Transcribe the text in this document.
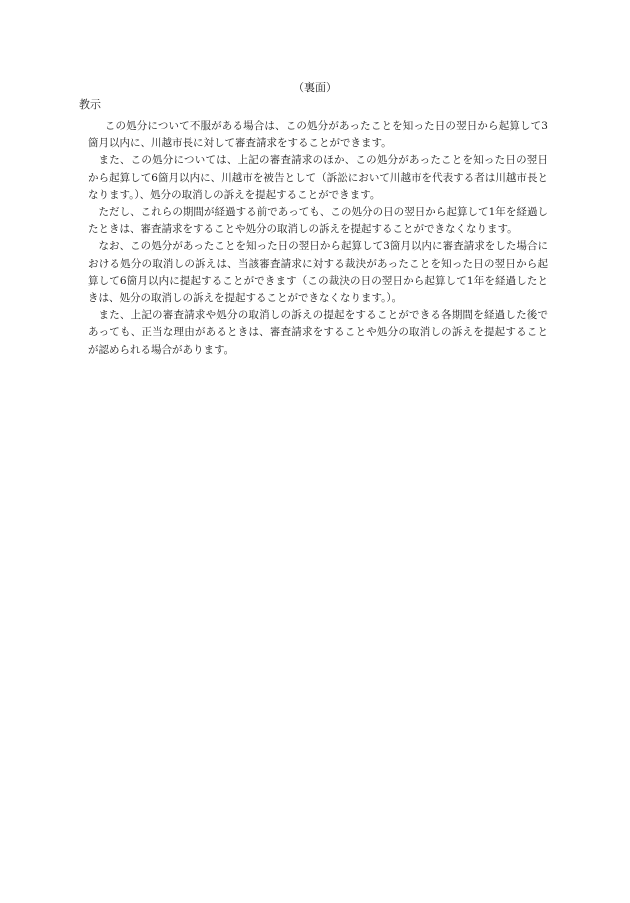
（裏面）
教示

この処分について不服がある場合は、この処分があったことを知った日の翌日から起算して3箇月以内に、川越市長に対して審査請求をすることができます。

また、この処分については、上記の審査請求のほか、この処分があったことを知った日の翌日から起算して6箇月以内に、川越市を被告として（訴訟において川越市を代表する者は川越市長となります。）、処分の取消しの訴えを提起することができます。

ただし、これらの期間が経過する前であっても、この処分の日の翌日から起算して1年を経過したときは、審査請求をすることや処分の取消しの訴えを提起することができなくなります。

なお、この処分があったことを知った日の翌日から起算して3箇月以内に審査請求をした場合における処分の取消しの訴えは、当該審査請求に対する裁決があったことを知った日の翌日から起算して6箇月以内に提起することができます（この裁決の日の翌日から起算して1年を経過したときは、処分の取消しの訴えを提起することができなくなります。）。

また、上記の審査請求や処分の取消しの訴えの提起をすることができる各期間を経過した後であっても、正当な理由があるときは、審査請求をすることや処分の取消しの訴えを提起することが認められる場合があります。
